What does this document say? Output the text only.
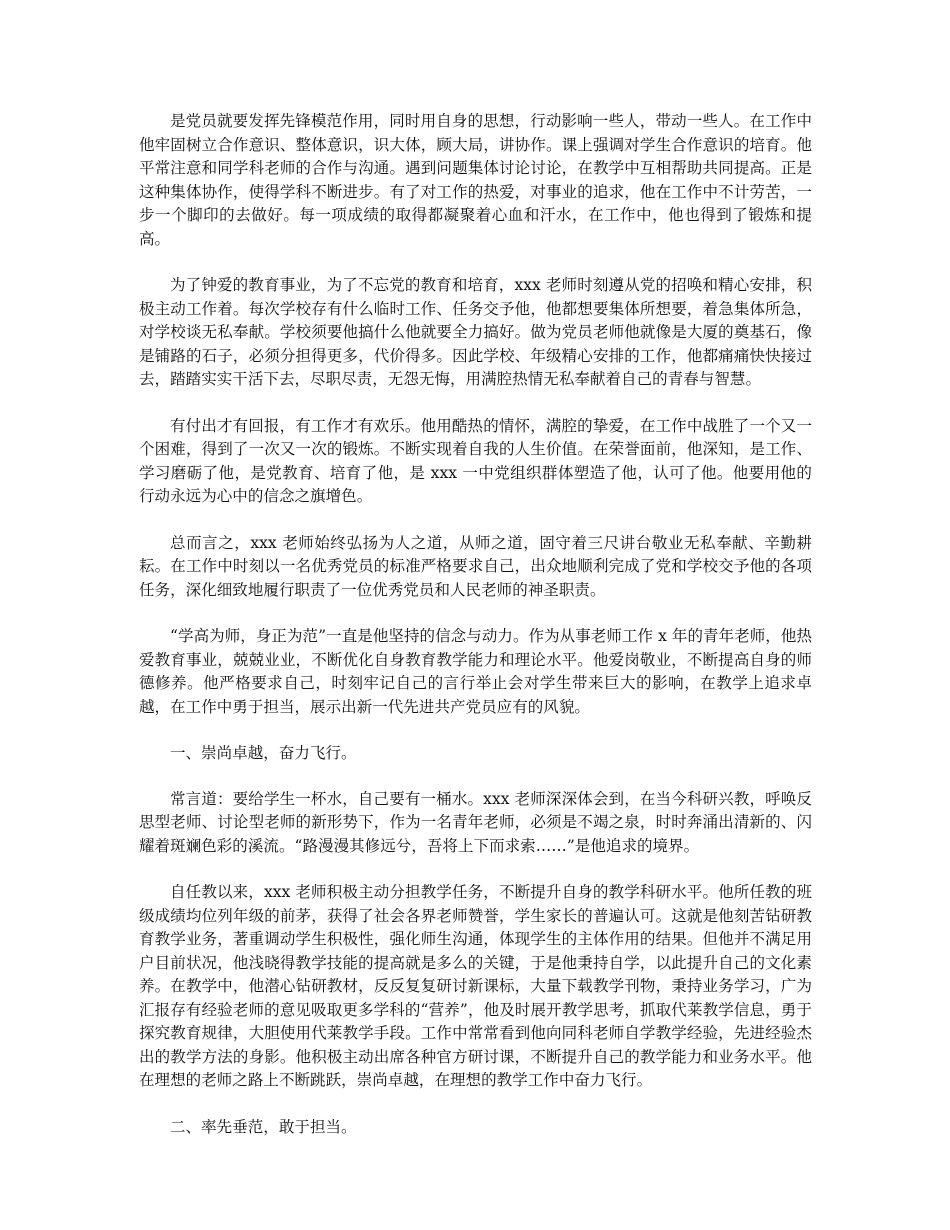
是党员就要发挥先锋模范作用，同时用自身的思想，行动影响一些人，带动一些人。在工作中他牢固树立合作意识、整体意识，识大体，顾大局，讲协作。课上强调对学生合作意识的培育。他平常注意和同学科老师的合作与沟通。遇到问题集体讨论讨论，在教学中互相帮助共同提高。正是这种集体协作，使得学科不断进步。有了对工作的热爱，对事业的追求，他在工作中不计劳苦，一步一个脚印的去做好。每一项成绩的取得都凝聚着心血和汗水，在工作中，他也得到了锻炼和提高。

为了钟爱的教育事业，为了不忘党的教育和培育，xxx 老师时刻遵从党的招唤和精心安排，积极主动工作着。每次学校存有什么临时工作、任务交予他，他都想要集体所想要，着急集体所急，对学校谈无私奉献。学校须要他搞什么他就要全力搞好。做为党员老师他就像是大厦的奠基石，像是铺路的石子，必须分担得更多，代价得多。因此学校、年级精心安排的工作，他都痛痛快快接过去，踏踏实实干活下去，尽职尽责，无怨无悔，用满腔热情无私奉献着自己的青春与智慧。

有付出才有回报，有工作才有欢乐。他用酷热的情怀，满腔的挚爱，在工作中战胜了一个又一个困难，得到了一次又一次的锻炼。不断实现着自我的人生价值。在荣誉面前，他深知，是工作、学习磨砺了他，是党教育、培育了他，是 xxx 一中党组织群体塑造了他，认可了他。他要用他的行动永远为心中的信念之旗增色。

总而言之，xxx 老师始终弘扬为人之道，从师之道，固守着三尺讲台敬业无私奉献、辛勤耕耘。在工作中时刻以一名优秀党员的标准严格要求自己，出众地顺利完成了党和学校交予他的各项任务，深化细致地履行职责了一位优秀党员和人民老师的神圣职责。

“学高为师，身正为范”一直是他坚持的信念与动力。作为从事老师工作 x 年的青年老师，他热爱教育事业，兢兢业业，不断优化自身教育教学能力和理论水平。他爱岗敬业，不断提高自身的师德修养。他严格要求自己，时刻牢记自己的言行举止会对学生带来巨大的影响，在教学上追求卓越，在工作中勇于担当，展示出新一代先进共产党员应有的风貌。

一、崇尚卓越，奋力飞行。

常言道：要给学生一杯水，自己要有一桶水。xxx 老师深深体会到，在当今科研兴教，呼唤反思型老师、讨论型老师的新形势下，作为一名青年老师，必须是不竭之泉，时时奔涌出清新的、闪耀着斑斓色彩的溪流。“路漫漫其修远兮，吾将上下而求索……”是他追求的境界。

自任教以来，xxx 老师积极主动分担教学任务，不断提升自身的教学科研水平。他所任教的班级成绩均位列年级的前茅，获得了社会各界老师赞誉，学生家长的普遍认可。这就是他刻苦钻研教育教学业务，著重调动学生积极性，强化师生沟通，体现学生的主体作用的结果。但他并不满足用户目前状况，他浅晓得教学技能的提高就是多么的关键，于是他秉持自学，以此提升自己的文化素养。在教学中，他潜心钻研教材，反反复复研讨新课标，大量下载教学刊物，秉持业务学习，广为汇报存有经验老师的意见吸取更多学科的“营养”，他及时展开教学思考，抓取代莱教学信息，勇于探究教育规律，大胆使用代莱教学手段。工作中常常看到他向同科老师自学教学经验，先进经验杰出的教学方法的身影。他积极主动出席各种官方研讨课，不断提升自己的教学能力和业务水平。他在理想的老师之路上不断跳跃，崇尚卓越，在理想的教学工作中奋力飞行。

二、率先垂范，敢于担当。
